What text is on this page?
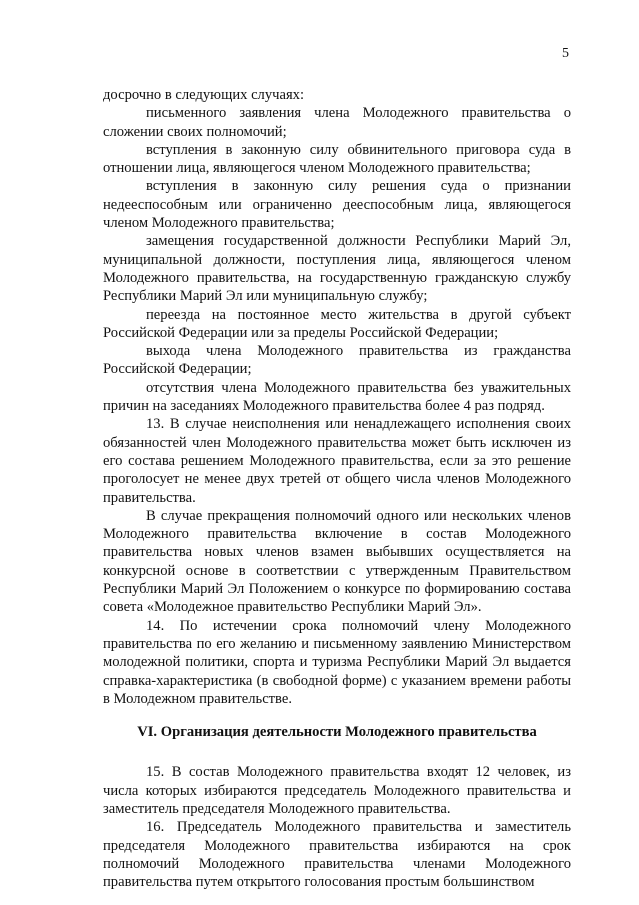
5

досрочно в следующих случаях:

письменного заявления члена Молодежного правительства о сложении своих полномочий;

вступления в законную силу обвинительного приговора суда в отношении лица, являющегося членом Молодежного правительства;

вступления в законную силу решения суда о признании недееспособным или ограниченно дееспособным лица, являющегося членом Молодежного правительства;

замещения государственной должности Республики Марий Эл, муниципальной должности, поступления лица, являющегося членом Молодежного правительства, на государственную гражданскую службу Республики Марий Эл или муниципальную службу;

переезда на постоянное место жительства в другой субъект Российской Федерации или за пределы Российской Федерации;

выхода члена Молодежного правительства из гражданства Российской Федерации;

отсутствия члена Молодежного правительства без уважительных причин на заседаниях Молодежного правительства более 4 раз подряд.

13. В случае неисполнения или ненадлежащего исполнения своих обязанностей член Молодежного правительства может быть исключен из его состава решением Молодежного правительства, если за это решение проголосует не менее двух третей от общего числа членов Молодежного правительства.

В случае прекращения полномочий одного или нескольких членов Молодежного правительства включение в состав Молодежного правительства новых членов взамен выбывших осуществляется на конкурсной основе в соответствии с утвержденным Правительством Республики Марий Эл Положением о конкурсе по формированию состава совета «Молодежное правительство Республики Марий Эл».

14. По истечении срока полномочий члену Молодежного правительства по его желанию и письменному заявлению Министерством молодежной политики, спорта и туризма Республики Марий Эл выдается справка-характеристика (в свободной форме) с указанием времени работы в Молодежном правительстве.

VI. Организация деятельности Молодежного правительства

15. В состав Молодежного правительства входят 12 человек, из числа которых избираются председатель Молодежного правительства и заместитель председателя Молодежного правительства.

16. Председатель Молодежного правительства и заместитель председателя Молодежного правительства избираются на срок полномочий Молодежного правительства членами Молодежного правительства путем открытого голосования простым большинством
